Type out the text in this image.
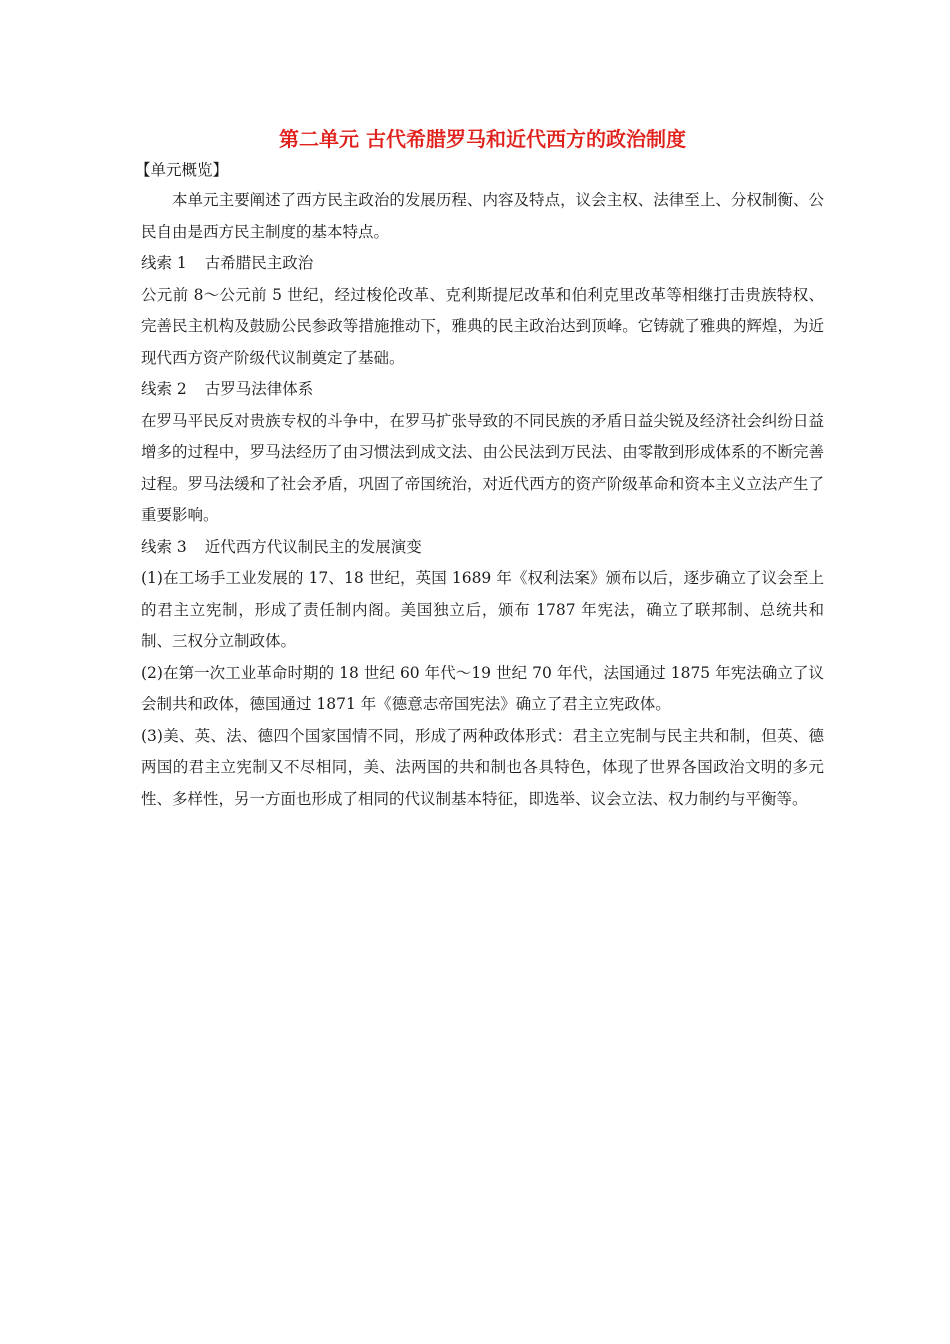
第二单元 古代希腊罗马和近代西方的政治制度
【单元概览】

本单元主要阐述了西方民主政治的发展历程、内容及特点，议会主权、法律至上、分权制衡、公民自由是西方民主制度的基本特点。

线索 1 古希腊民主政治

公元前 8～公元前 5 世纪，经过梭伦改革、克利斯提尼改革和伯利克里改革等相继打击贵族特权、完善民主机构及鼓励公民参政等措施推动下，雅典的民主政治达到顶峰。它铸就了雅典的辉煌，为近现代西方资产阶级代议制奠定了基础。

线索 2 古罗马法律体系

在罗马平民反对贵族专权的斗争中，在罗马扩张导致的不同民族的矛盾日益尖锐及经济社会纠纷日益增多的过程中，罗马法经历了由习惯法到成文法、由公民法到万民法、由零散到形成体系的不断完善过程。罗马法缓和了社会矛盾，巩固了帝国统治，对近代西方的资产阶级革命和资本主义立法产生了重要影响。

线索 3 近代西方代议制民主的发展演变

(1)在工场手工业发展的 17、18 世纪，英国 1689 年《权利法案》颁布以后，逐步确立了议会至上的君主立宪制，形成了责任制内阁。美国独立后，颁布 1787 年宪法，确立了联邦制、总统共和制、三权分立制政体。

(2)在第一次工业革命时期的 18 世纪 60 年代～19 世纪 70 年代，法国通过 1875 年宪法确立了议会制共和政体，德国通过 1871 年《德意志帝国宪法》确立了君主立宪政体。

(3)美、英、法、德四个国家国情不同，形成了两种政体形式：君主立宪制与民主共和制，但英、德两国的君主立宪制又不尽相同，美、法两国的共和制也各具特色，体现了世界各国政治文明的多元性、多样性，另一方面也形成了相同的代议制基本特征，即选举、议会立法、权力制约与平衡等。
